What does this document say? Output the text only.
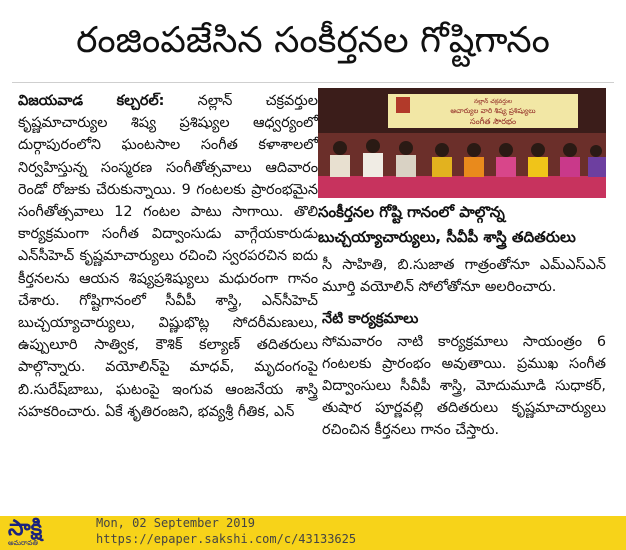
రంజింపజేసిన సంకీర్తనల గోష్టిగానం

విజయవాడ కల్చరల్‌: నల్లాన్‌ చక్రవర్తుల కృష్ణమాచార్యుల శిష్య ప్రశిష్యుల ఆధ్వర్యంలో దుర్గాపురంలోని ఘంటసాల సంగీత కళాశాలలో నిర్వహిస్తున్న సంస్మరణ సంగీతోత్సవాలు ఆదివారం రెండో రోజుకు చేరుకున్నాయి. 9 గంటలకు ప్రారంభమైన సంగీతోత్సవాలు 12 గంటల పాటు సాగాయి. తొలి కార్యక్రమంగా సంగీత విద్వాంసుడు వాగ్గేయకారుడు ఎన్‌సీహెచ్‌ కృష్ణమాచార్యులు రచించి స్వరపరచిన ఐదు కీర్తనలను ఆయన శిష్యప్రశిష్యులు మధురంగా గానం చేశారు. గోష్టిగానంలో సీవీపీ శాస్త్రి, ఎన్‌సీహెచ్‌ బుచ్చయ్యాచార్యులు, విష్ణుభొట్ల సోదరీమణులు, ఉప్పులూరి సాత్విక, కౌశిక్‌ కల్యాణ్‌ తదితరులు పాల్గొన్నారు. వయోలిన్‌పై మాధవ్‌, మృదంగంపై బి.సురేష్‌బాబు, ఘటంపై ఇంగువ ఆంజనేయ శాస్త్రి సహకరించారు. ఏకే శృతిరంజని, భవ్యశ్రీ గీతిక, ఎన్‌

నల్లాన్‌ చక్రవర్తుల
ఆచార్యుల వారి శిష్య ప్రశిష్యులు
సంగీత సౌరభం
సంకీర్తనల గోష్టి గానంలో పాల్గొన్న బుచ్చయ్యాచార్యులు, సీవీపీ శాస్త్రి తదితరులు

సీ సాహితి, బి.సుజాత గాత్రంతోనూ ఎమ్‌ఎస్‌ఎన్‌ మూర్తి వయోలిన్‌ సోలోతోనూ అలరించారు.

నేటి కార్యక్రమాలు

సోమవారం నాటి కార్యక్రమాలు సాయంత్రం 6 గంటలకు ప్రారంభం అవుతాయి. ప్రముఖ సంగీత విద్వాంసులు సీవీపీ శాస్త్రి, మోదుమూడి సుధాకర్‌, తుషార పూర్ణవల్లి తదితరులు కృష్ణమాచార్యులు రచించిన కీర్తనలు గానం చేస్తారు.

సాక్షి
అమరావతి
Mon, 02 September 2019
https://epaper.sakshi.com/c/43133625
